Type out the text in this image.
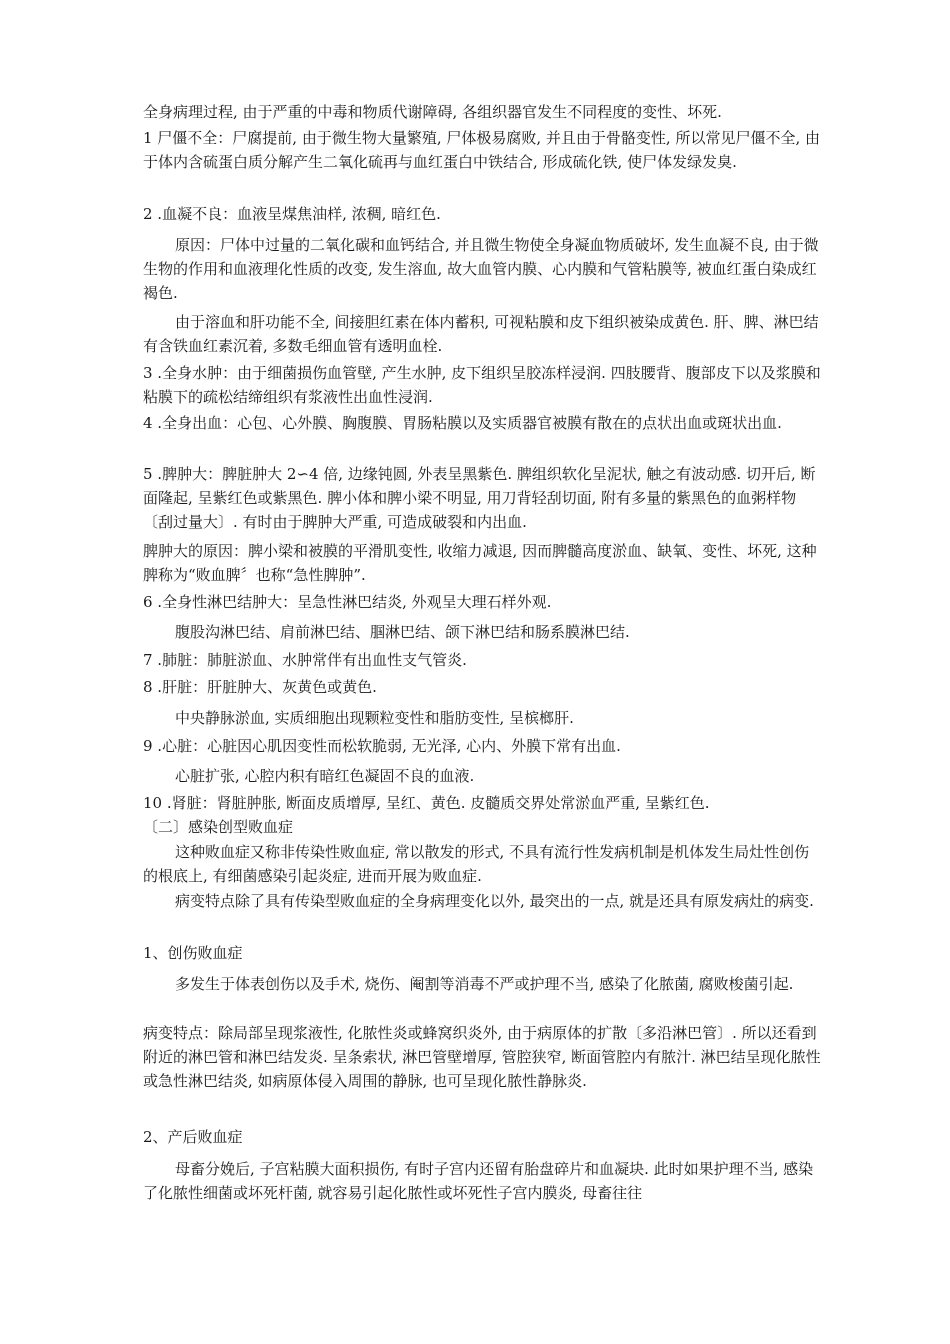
全身病理过程, 由于严重的中毒和物质代谢障碍, 各组织器官发生不同程度的变性、坏死.
1 尸僵不全：尸腐提前, 由于微生物大量繁殖, 尸体极易腐败, 并且由于骨骼变性, 所以常见尸僵不全, 由于体内含硫蛋白质分解产生二氧化硫再与血红蛋白中铁结合, 形成硫化铁, 使尸体发绿发臭.
2 .血凝不良：血液呈煤焦油样, 浓稠, 暗红色.
原因：尸体中过量的二氧化碳和血钙结合, 并且微生物使全身凝血物质破坏, 发生血凝不良, 由于微生物的作用和血液理化性质的改变, 发生溶血, 故大血管内膜、心内膜和气管粘膜等, 被血红蛋白染成红褐色.
由于溶血和肝功能不全, 间接胆红素在体内蓄积, 可视粘膜和皮下组织被染成黄色. 肝、脾、淋巴结有含铁血红素沉着, 多数毛细血管有透明血栓.
3 .全身水肿：由于细菌损伤血管壁, 产生水肿, 皮下组织呈胶冻样浸润. 四肢腰背、腹部皮下以及浆膜和粘膜下的疏松结缔组织有浆液性出血性浸润.
4 .全身出血：心包、心外膜、胸腹膜、胃肠粘膜以及实质器官被膜有散在的点状出血或斑状出血.
5 .脾肿大：脾脏肿大 2∽4 倍, 边缘钝圆, 外表呈黑紫色. 脾组织软化呈泥状, 触之有波动感. 切开后, 断面隆起, 呈紫红色或紫黑色. 脾小体和脾小梁不明显, 用刀背轻刮切面, 附有多量的紫黑色的血粥样物〔刮过量大〕. 有时由于脾肿大严重, 可造成破裂和内出血.
脾肿大的原因：脾小梁和被膜的平滑肌变性, 收缩力减退, 因而脾髓高度淤血、缺氧、变性、坏死, 这种脾称为“败血脾〞也称“急性脾肿”.
6 .全身性淋巴结肿大：呈急性淋巴结炎, 外观呈大理石样外观.
腹股沟淋巴结、肩前淋巴结、腘淋巴结、颌下淋巴结和肠系膜淋巴结.
7 .肺脏：肺脏淤血、水肿常伴有出血性支气管炎.
8 .肝脏：肝脏肿大、灰黄色或黄色.
中央静脉淤血, 实质细胞出现颗粒变性和脂肪变性, 呈槟榔肝.
9 .心脏：心脏因心肌因变性而松软脆弱, 无光泽, 心内、外膜下常有出血.
心脏扩张, 心腔内积有暗红色凝固不良的血液.
10 .肾脏：肾脏肿胀, 断面皮质增厚, 呈红、黄色. 皮髓质交界处常淤血严重, 呈紫红色.
〔二〕感染创型败血症
这种败血症又称非传染性败血症, 常以散发的形式, 不具有流行性发病机制是机体发生局灶性创伤的根底上, 有细菌感染引起炎症, 进而开展为败血症.
病变特点除了具有传染型败血症的全身病理变化以外, 最突出的一点, 就是还具有原发病灶的病变.
1、创伤败血症
多发生于体表创伤以及手术, 烧伤、阉割等消毒不严或护理不当, 感染了化脓菌, 腐败梭菌引起.
病变特点：除局部呈现浆液性, 化脓性炎或蜂窝织炎外, 由于病原体的扩散〔多沿淋巴管〕. 所以还看到附近的淋巴管和淋巴结发炎. 呈条索状, 淋巴管壁增厚, 管腔狭窄, 断面管腔内有脓汁. 淋巴结呈现化脓性或急性淋巴结炎, 如病原体侵入周围的静脉, 也可呈现化脓性静脉炎.
2、产后败血症
母畜分娩后, 子宫粘膜大面积损伤, 有时子宫内还留有胎盘碎片和血凝块. 此时如果护理不当, 感染了化脓性细菌或坏死杆菌, 就容易引起化脓性或坏死性子宫内膜炎, 母畜往往
